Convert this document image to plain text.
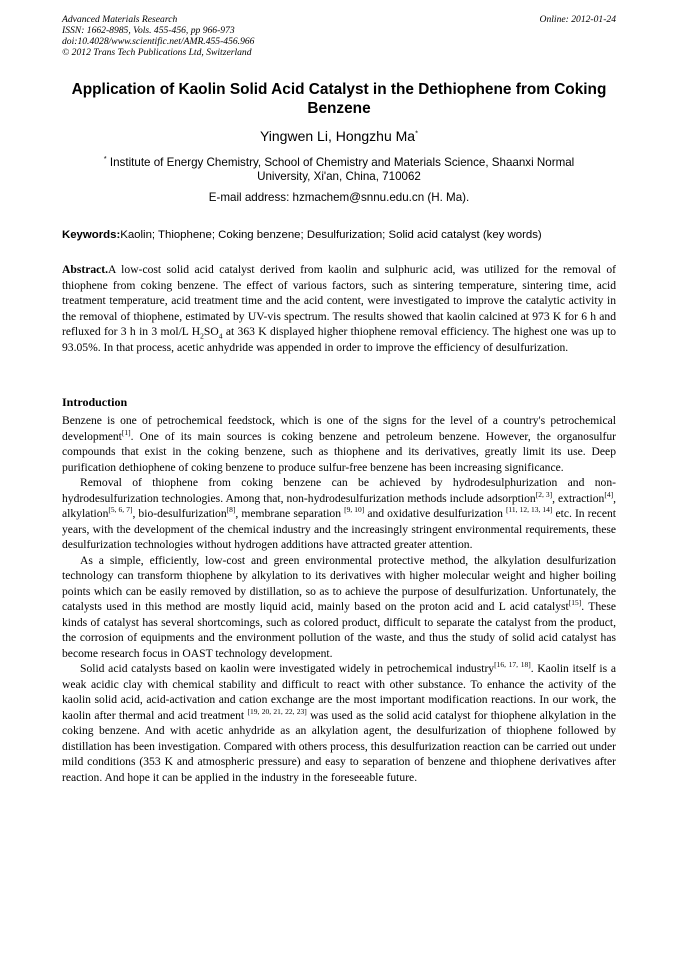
Advanced Materials Research
ISSN: 1662-8985, Vols. 455-456, pp 966-973
doi:10.4028/www.scientific.net/AMR.455-456.966
© 2012 Trans Tech Publications Ltd, Switzerland
Online: 2012-01-24
Application of Kaolin Solid Acid Catalyst in the Dethiophene from Coking Benzene
Yingwen Li, Hongzhu Ma*
* Institute of Energy Chemistry, School of Chemistry and Materials Science, Shaanxi Normal University, Xi'an, China, 710062
E-mail address: hzmachem@snnu.edu.cn (H. Ma).
Keywords:Kaolin; Thiophene; Coking benzene; Desulfurization; Solid acid catalyst (key words)
Abstract.A low-cost solid acid catalyst derived from kaolin and sulphuric acid, was utilized for the removal of thiophene from coking benzene. The effect of various factors, such as sintering temperature, sintering time, acid treatment temperature, acid treatment time and the acid content, were investigated to improve the catalytic activity in the removal of thiophene, estimated by UV-vis spectrum. The results showed that kaolin calcined at 973 K for 6 h and refluxed for 3 h in 3 mol/L $H_2SO_4$ at 363 K displayed higher thiophene removal efficiency. The highest one was up to 93.05%. In that process, acetic anhydride was appended in order to improve the efficiency of desulfurization.
Introduction

Benzene is one of petrochemical feedstock, which is one of the signs for the level of a country's petrochemical development[1]. One of its main sources is coking benzene and petroleum benzene. However, the organosulfur compounds that exist in the coking benzene, such as thiophene and its derivatives, greatly limit its use. Deep purification dethiophene of coking benzene to produce sulfur-free benzene has been increasing significance.

Removal of thiophene from coking benzene can be achieved by hydrodesulphurization and non-hydrodesulfurization technologies. Among that, non-hydrodesulfurization methods include adsorption[2, 3], extraction[4], alkylation[5, 6, 7], bio-desulfurization[8], membrane separation [9, 10] and oxidative desulfurization [11, 12, 13, 14] etc. In recent years, with the development of the chemical industry and the increasingly stringent environmental requirements, these desulfurization technologies without hydrogen additions have attracted greater attention.

As a simple, efficiently, low-cost and green environmental protective method, the alkylation desulfurization technology can transform thiophene by alkylation to its derivatives with higher molecular weight and higher boiling points which can be easily removed by distillation, so as to achieve the purpose of desulfurization. Unfortunately, the catalysts used in this method are mostly liquid acid, mainly based on the proton acid and L acid catalyst[15]. These kinds of catalyst has several shortcomings, such as colored product, difficult to separate the catalyst from the product, the corrosion of equipments and the environment pollution of the waste, and thus the study of solid acid catalyst has become research focus in OAST technology development.

Solid acid catalysts based on kaolin were investigated widely in petrochemical industry[16, 17, 18]. Kaolin itself is a weak acidic clay with chemical stability and difficult to react with other substance. To enhance the activity of the kaolin solid acid, acid-activation and cation exchange are the most important modification reactions. In our work, the kaolin after thermal and acid treatment [19, 20, 21, 22, 23] was used as the solid acid catalyst for thiophene alkylation in the coking benzene. And with acetic anhydride as an alkylation agent, the desulfurization of thiophene followed by distillation has been investigation. Compared with others process, this desulfurization reaction can be carried out under mild conditions (353 K and atmospheric pressure) and easy to separation of benzene and thiophene derivatives after reaction. And hope it can be applied in the industry in the foreseeable future.
